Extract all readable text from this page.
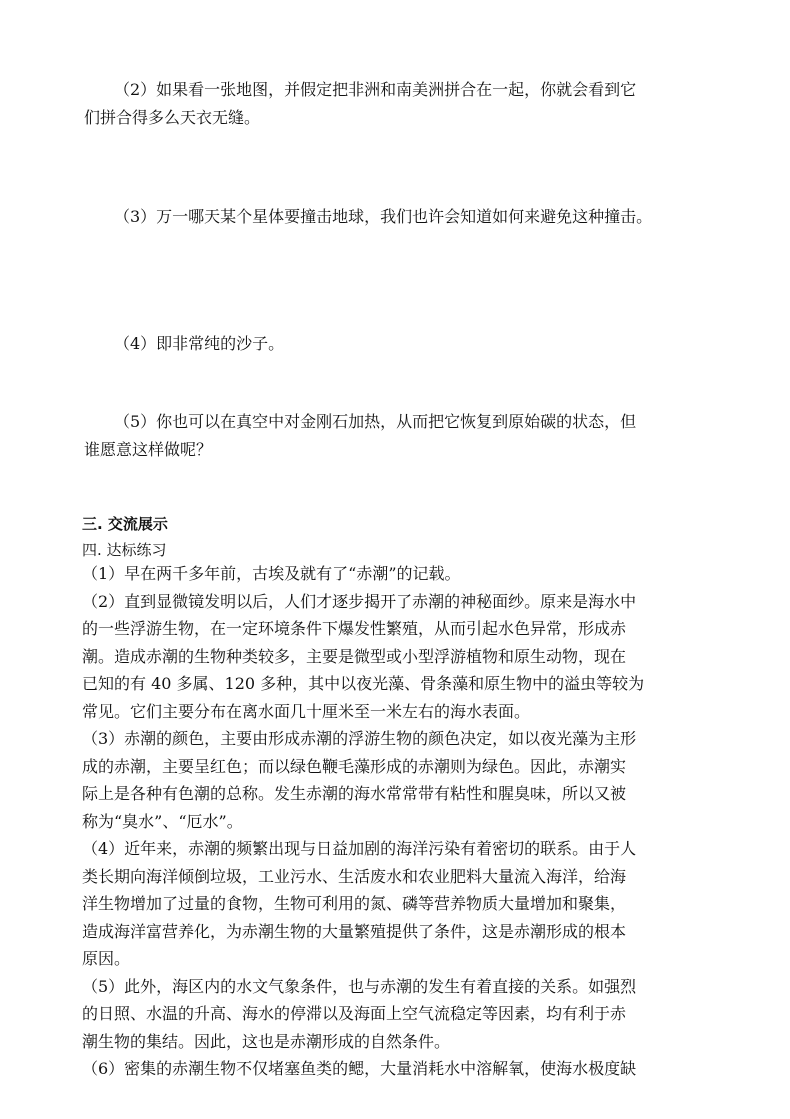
（2）如果看一张地图，并假定把非洲和南美洲拼合在一起，你就会看到它
们拼合得多么天衣无缝。
（3）万一哪天某个星体要撞击地球，我们也许会知道如何来避免这种撞击。
（4）即非常纯的沙子。
（5）你也可以在真空中对金刚石加热，从而把它恢复到原始碳的状态，但
谁愿意这样做呢？
三. 交流展示
四. 达标练习
（1）早在两千多年前，古埃及就有了“赤潮”的记载。
（2）直到显微镜发明以后，人们才逐步揭开了赤潮的神秘面纱。原来是海水中
的一些浮游生物，在一定环境条件下爆发性繁殖，从而引起水色异常，形成赤
潮。造成赤潮的生物种类较多，主要是微型或小型浮游植物和原生动物，现在
已知的有 40 多属、120 多种，其中以夜光藻、骨条藻和原生物中的溢虫等较为
常见。它们主要分布在离水面几十厘米至一米左右的海水表面。
（3）赤潮的颜色，主要由形成赤潮的浮游生物的颜色决定，如以夜光藻为主形
成的赤潮，主要呈红色；而以绿色鞭毛藻形成的赤潮则为绿色。因此，赤潮实
际上是各种有色潮的总称。发生赤潮的海水常常带有粘性和腥臭味，所以又被
称为“臭水”、“厄水”。
（4）近年来，赤潮的频繁出现与日益加剧的海洋污染有着密切的联系。由于人
类长期向海洋倾倒垃圾，工业污水、生活废水和农业肥料大量流入海洋，给海
洋生物增加了过量的食物，生物可利用的氮、磷等营养物质大量增加和聚集，
造成海洋富营养化，为赤潮生物的大量繁殖提供了条件，这是赤潮形成的根本
原因。
（5）此外，海区内的水文气象条件，也与赤潮的发生有着直接的关系。如强烈
的日照、水温的升高、海水的停滞以及海面上空气流稳定等因素，均有利于赤
潮生物的集结。因此，这也是赤潮形成的自然条件。
（6）密集的赤潮生物不仅堵塞鱼类的鳃，大量消耗水中溶解氧，使海水极度缺
